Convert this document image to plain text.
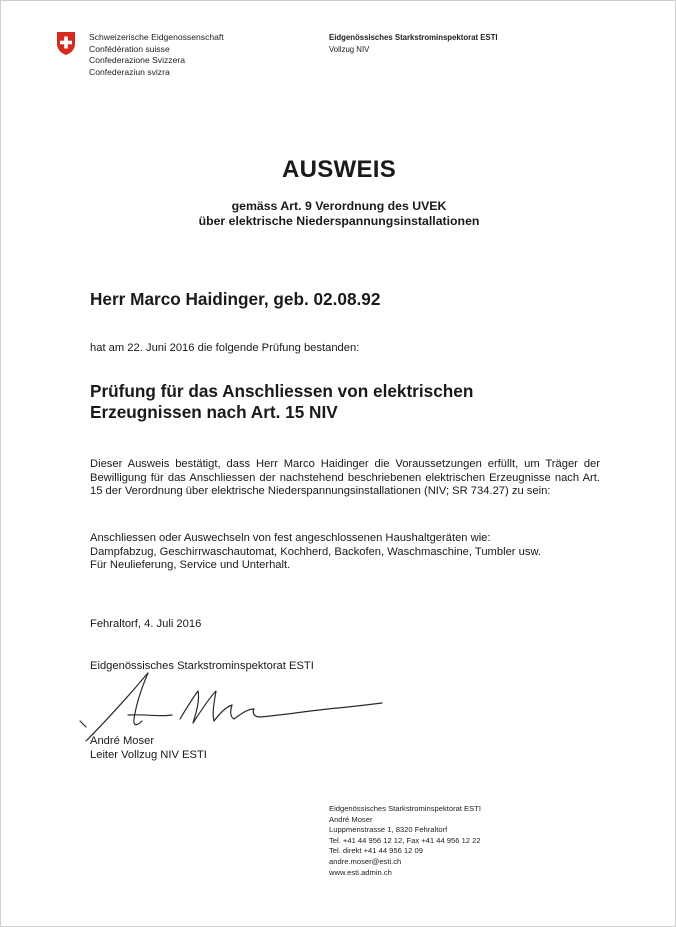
Schweizerische Eidgenossenschaft
Confédération suisse
Confederazione Svizzera
Confederaziun svizra
Eidgenössisches Starkstrominspektorat ESTI
Vollzug NIV
AUSWEIS
gemäss Art. 9 Verordnung des UVEK
über elektrische Niederspannungsinstallationen
Herr Marco Haidinger, geb. 02.08.92
hat am 22. Juni 2016 die folgende Prüfung bestanden:
Prüfung für das Anschliessen von elektrischen
Erzeugnissen nach Art. 15 NIV
Dieser Ausweis bestätigt, dass Herr Marco Haidinger die Voraussetzungen erfüllt, um Träger der Bewilligung für das Anschliessen der nachstehend beschriebenen elektrischen Erzeugnisse nach Art. 15 der Verordnung über elektrische Niederspannungsinstallationen (NIV; SR 734.27) zu sein:
Anschliessen oder Auswechseln von fest angeschlossenen Haushaltgeräten wie:
Dampfabzug, Geschirrwaschautomat, Kochherd, Backofen, Waschmaschine, Tumbler usw.
Für Neulieferung, Service und Unterhalt.
Fehraltorf, 4. Juli 2016
Eidgenössisches Starkstrominspektorat ESTI
André Moser
Leiter Vollzug NIV ESTI
Eidgenössisches Starkstrominspektorat ESTI
André Moser
Luppmenstrasse 1, 8320 Fehraltorf
Tel. +41 44 956 12 12, Fax +41 44 956 12 22
Tel. direkt +41 44 956 12 09
andre.moser@esti.ch
www.esti.admin.ch
